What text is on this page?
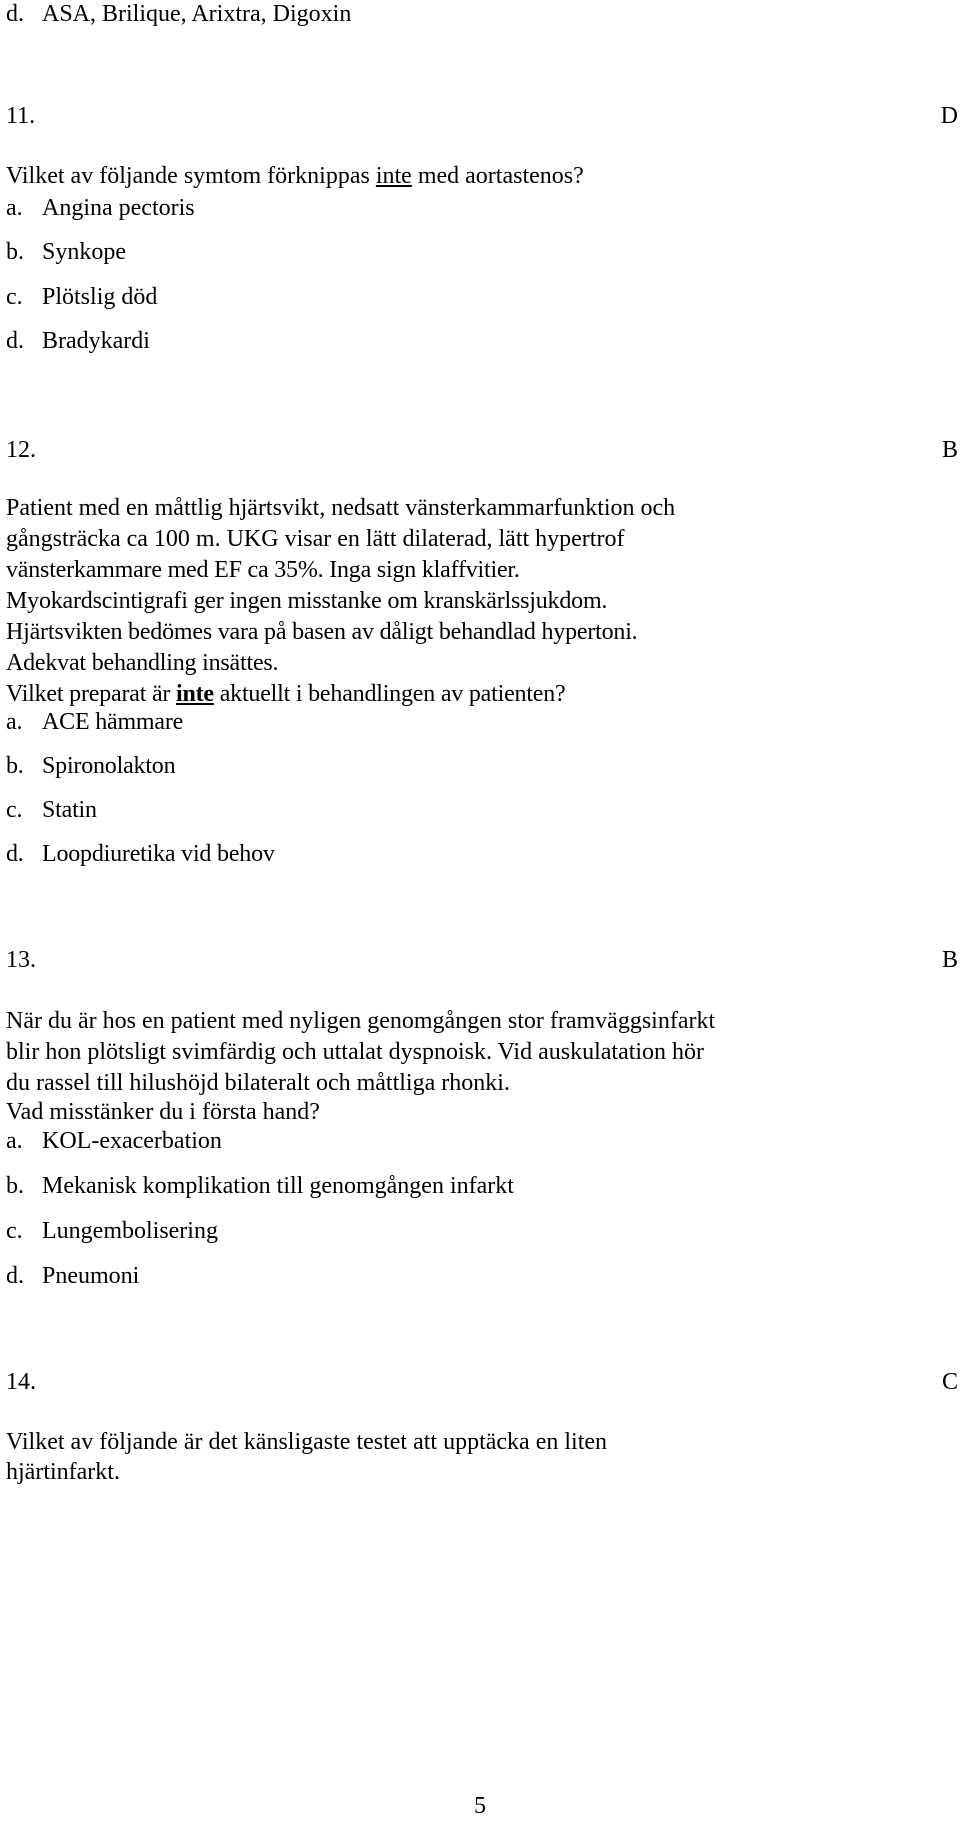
d. ASA, Brilique, Arixtra, Digoxin
11.	D
Vilket av följande symtom förknippas inte med aortastenos?
a. Angina pectoris
b. Synkope
c. Plötslig död
d. Bradykardi
12.	B
Patient med en måttlig hjärtsvikt, nedsatt vänsterkammarfunktion och
gångsträcka ca 100 m. UKG visar en lätt dilaterad, lätt hypertrof
vänsterkammare med EF ca 35%. Inga sign klaffvitier.
Myokardscintigrafi ger ingen misstanke om kranskärlssjukdom.
Hjärtsvikten bedömes vara på basen av dåligt behandlad hypertoni.
Adekvat behandling insättes.
Vilket preparat är inte aktuellt i behandlingen av patienten?
a. ACE hämmare
b. Spironolakton
c. Statin
d. Loopdiuretika vid behov
13.	B
När du är hos en patient med nyligen genomgången stor framväggsinfarkt
blir hon plötsligt svimfärdig och uttalat dyspnoisk. Vid auskulatation hör
du rassel till hilushöjd bilateralt och måttliga rhonki.
Vad misstänker du i första hand?
a. KOL-exacerbation
b. Mekanisk komplikation till genomgången infarkt
c. Lungembolisering
d. Pneumoni
14.	C
Vilket av följande är det känsligaste testet att upptäcka en liten
hjärtinfarkt.
5
